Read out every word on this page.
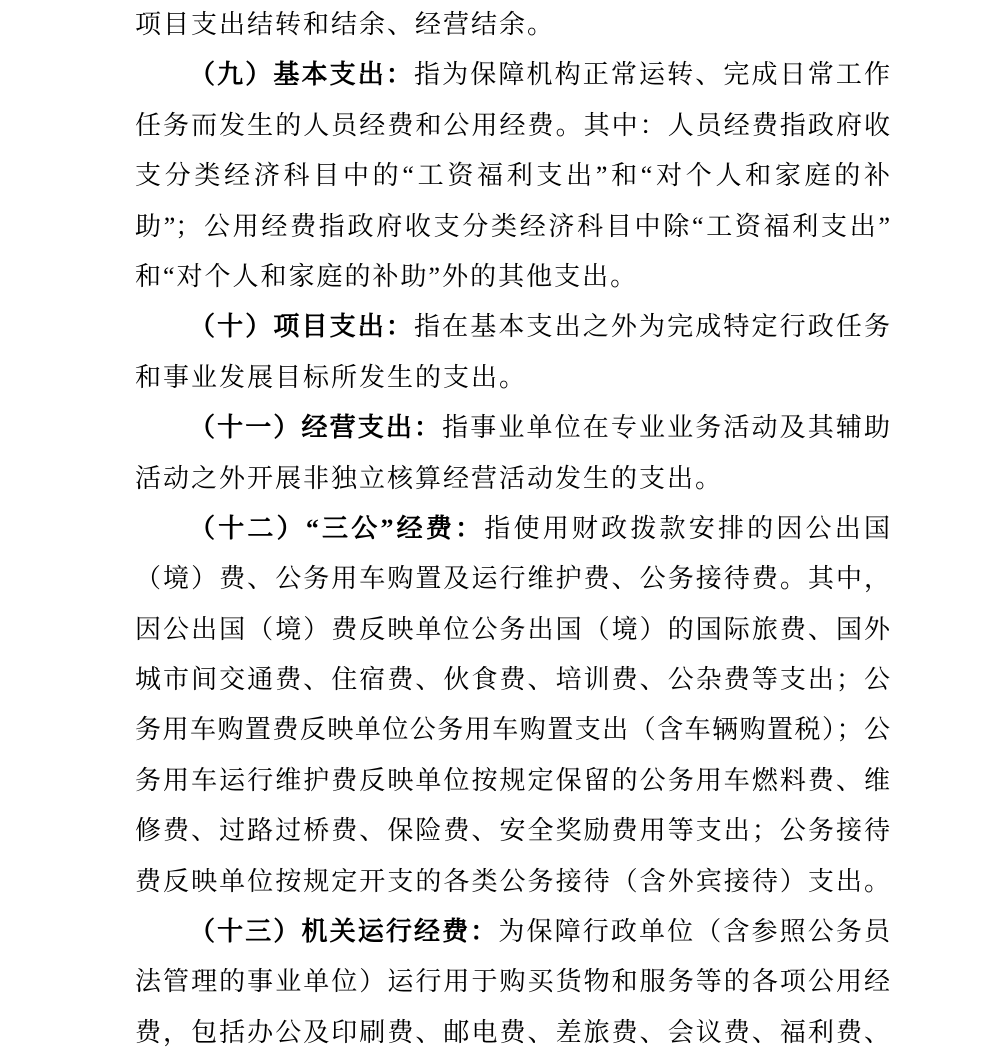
项目支出结转和结余、经营结余。
（九）基本支出：指为保障机构正常运转、完成日常工作
任务而发生的人员经费和公用经费。其中：人员经费指政府收
支分类经济科目中的“工资福利支出”和“对个人和家庭的补
助”；公用经费指政府收支分类经济科目中除“工资福利支出”
和“对个人和家庭的补助”外的其他支出。
（十）项目支出：指在基本支出之外为完成特定行政任务
和事业发展目标所发生的支出。
（十一）经营支出：指事业单位在专业业务活动及其辅助
活动之外开展非独立核算经营活动发生的支出。
（十二）“三公”经费：指使用财政拨款安排的因公出国
（境）费、公务用车购置及运行维护费、公务接待费。其中，
因公出国（境）费反映单位公务出国（境）的国际旅费、国外
城市间交通费、住宿费、伙食费、培训费、公杂费等支出；公
务用车购置费反映单位公务用车购置支出（含车辆购置税）；公
务用车运行维护费反映单位按规定保留的公务用车燃料费、维
修费、过路过桥费、保险费、安全奖励费用等支出；公务接待
费反映单位按规定开支的各类公务接待（含外宾接待）支出。
（十三）机关运行经费：为保障行政单位（含参照公务员
法管理的事业单位）运行用于购买货物和服务等的各项公用经
费，包括办公及印刷费、邮电费、差旅费、会议费、福利费、
